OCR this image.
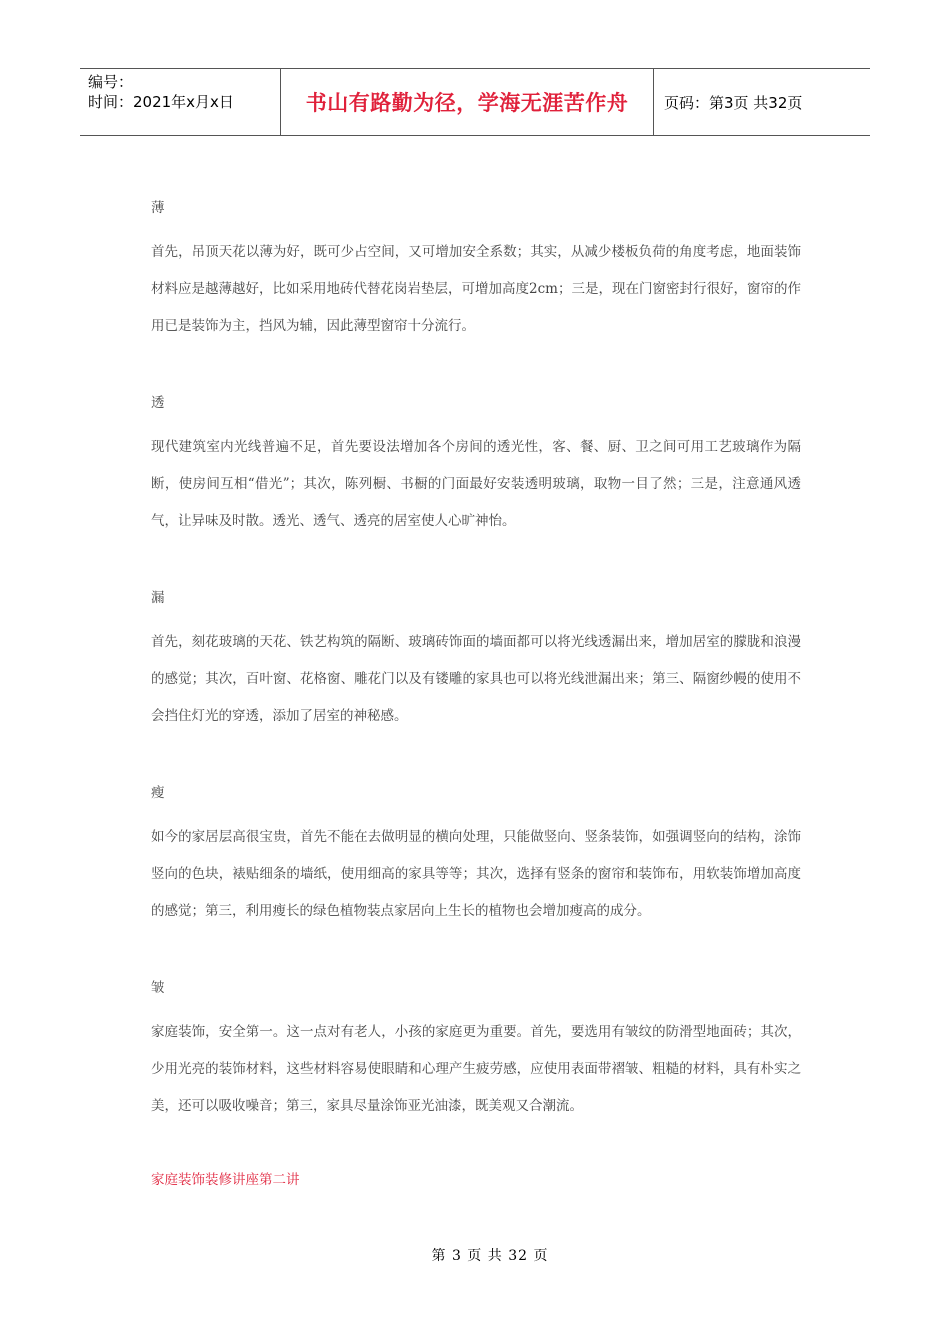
编号：
时间：2021年x月x日	书山有路勤为径，学海无涯苦作舟	页码：第3页 共32页
薄
首先，吊顶天花以薄为好，既可少占空间，又可增加安全系数；其实，从减少楼板负荷的角度考虑，地面装饰材料应是越薄越好，比如采用地砖代替花岗岩垫层，可增加高度2cm；三是，现在门窗密封行很好，窗帘的作用已是装饰为主，挡风为辅，因此薄型窗帘十分流行。
透
现代建筑室内光线普遍不足，首先要设法增加各个房间的透光性，客、餐、厨、卫之间可用工艺玻璃作为隔断，使房间互相“借光”；其次，陈列橱、书橱的门面最好安装透明玻璃，取物一目了然；三是，注意通风透气，让异味及时散。透光、透气、透亮的居室使人心旷神怡。
漏
首先，刻花玻璃的天花、铁艺构筑的隔断、玻璃砖饰面的墙面都可以将光线透漏出来，增加居室的朦胧和浪漫的感觉；其次，百叶窗、花格窗、雕花门以及有镂雕的家具也可以将光线泄漏出来；第三、隔窗纱幔的使用不会挡住灯光的穿透，添加了居室的神秘感。
瘦
如今的家居层高很宝贵，首先不能在去做明显的横向处理，只能做竖向、竖条装饰，如强调竖向的结构，涂饰竖向的色块，裱贴细条的墙纸，使用细高的家具等等；其次，选择有竖条的窗帘和装饰布，用软装饰增加高度的感觉；第三，利用瘦长的绿色植物装点家居向上生长的植物也会增加瘦高的成分。
皱
家庭装饰，安全第一。这一点对有老人，小孩的家庭更为重要。首先，要选用有皱纹的防滑型地面砖；其次，少用光亮的装饰材料，这些材料容易使眼睛和心理产生疲劳感，应使用表面带褶皱、粗糙的材料，具有朴实之美，还可以吸收噪音；第三，家具尽量涂饰亚光油漆，既美观又合潮流。
家庭装饰装修讲座第二讲
第 3 页 共 32 页
